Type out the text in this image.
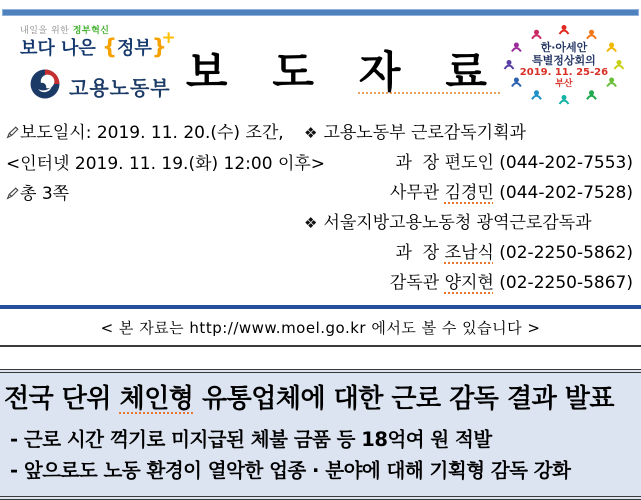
내일을 위한 정부혁신
보다 나은 {정부}
+
고용노동부 보 도 자 료
한·아세안
특별정상회의
2019. 11. 25-26
부산
보도일시: 2019. 11. 20.(수) 조간,
<인터넷 2019. 11. 19.(화) 12:00 이후>
총 3쪽
❖ 고용노동부 근로감독기획과
과  장 편도인 (044-202-7553)
사무관 김경민 (044-202-7528)
❖ 서울지방고용노동청 광역근로감독과
과  장 조남식 (02-2250-5862)
감독관 양지현 (02-2250-5867)
< 본 자료는 http://www.moel.go.kr 에서도 볼 수 있습니다 >
전국 단위 체인형 유통업체에 대한 근로 감독 결과 발표
- 근로 시간 꺽기로 미지급된 체불 금품 등 18억여 원 적발
- 앞으로도 노동 환경이 열악한 업종 · 분야에 대해 기획형 감독 강화
